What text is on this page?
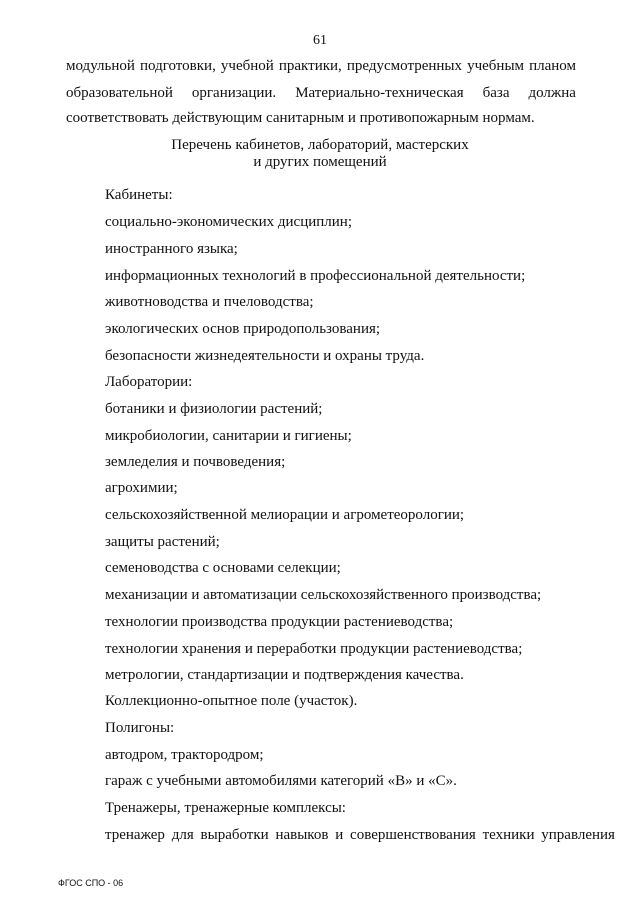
61
модульной подготовки, учебной практики, предусмотренных учебным планом
образовательной организации. Материально-техническая база должна
соответствовать действующим санитарным и противопожарным нормам.
Перечень кабинетов, лабораторий, мастерских
и других помещений
Кабинеты:
социально-экономических дисциплин;
иностранного языка;
информационных технологий в профессиональной деятельности;
животноводства и пчеловодства;
экологических основ природопользования;
безопасности жизнедеятельности и охраны труда.
Лаборатории:
ботаники и физиологии растений;
микробиологии, санитарии и гигиены;
земледелия и почвоведения;
агрохимии;
сельскохозяйственной мелиорации и агрометеорологии;
защиты растений;
семеноводства с основами селекции;
механизации и автоматизации сельскохозяйственного производства;
технологии производства продукции растениеводства;
технологии хранения и переработки продукции растениеводства;
метрологии, стандартизации и подтверждения качества.
Коллекционно-опытное поле (участок).
Полигоны:
автодром, трактородром;
гараж с учебными автомобилями категорий «В» и «С».
Тренажеры, тренажерные комплексы:
тренажер для выработки навыков и совершенствования техники управления
ФГОС СПО - 06
